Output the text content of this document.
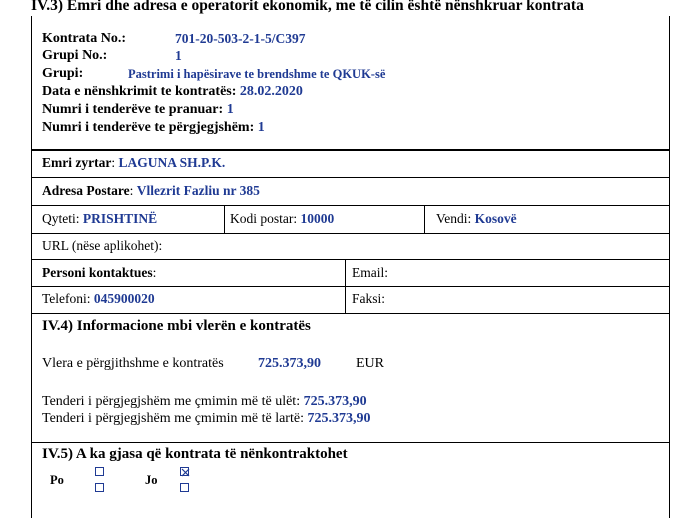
IV.3) Emri dhe adresa e operatorit ekonomik, me të cilin është nënshkruar kontrata
Kontrata No.:	701-20-503-2-1-5/C397
Grupi No.:	1
Grupi:	Pastrimi i hapësirave te brendshme te QKUK-së
Data e nënshkrimit te kontratës: 28.02.2020
Numri i tenderëve te pranuar: 1
Numri i tenderëve te përgjegjshëm: 1
Emri zyrtar: LAGUNA SH.P.K.
Adresa Postare: Vllezrit Fazliu nr 385
Qyteti: PRISHTINË	Kodi postar: 10000	Vendi: Kosovë
URL (nëse aplikohet):
Personi kontaktues:	Email:
Telefoni: 045900020	Faksi:
IV.4) Informacione mbi vlerën e kontratës
Vlera e përgjithshme e kontratës 725.373,90	EUR
Tenderi i përgjegjshëm me çmimin më të ulët: 725.373,90
Tenderi i përgjegjshëm me çmimin më të lartë: 725.373,90
IV.5) A ka gjasa që kontrata të nënkontraktohet
Po	Jo
